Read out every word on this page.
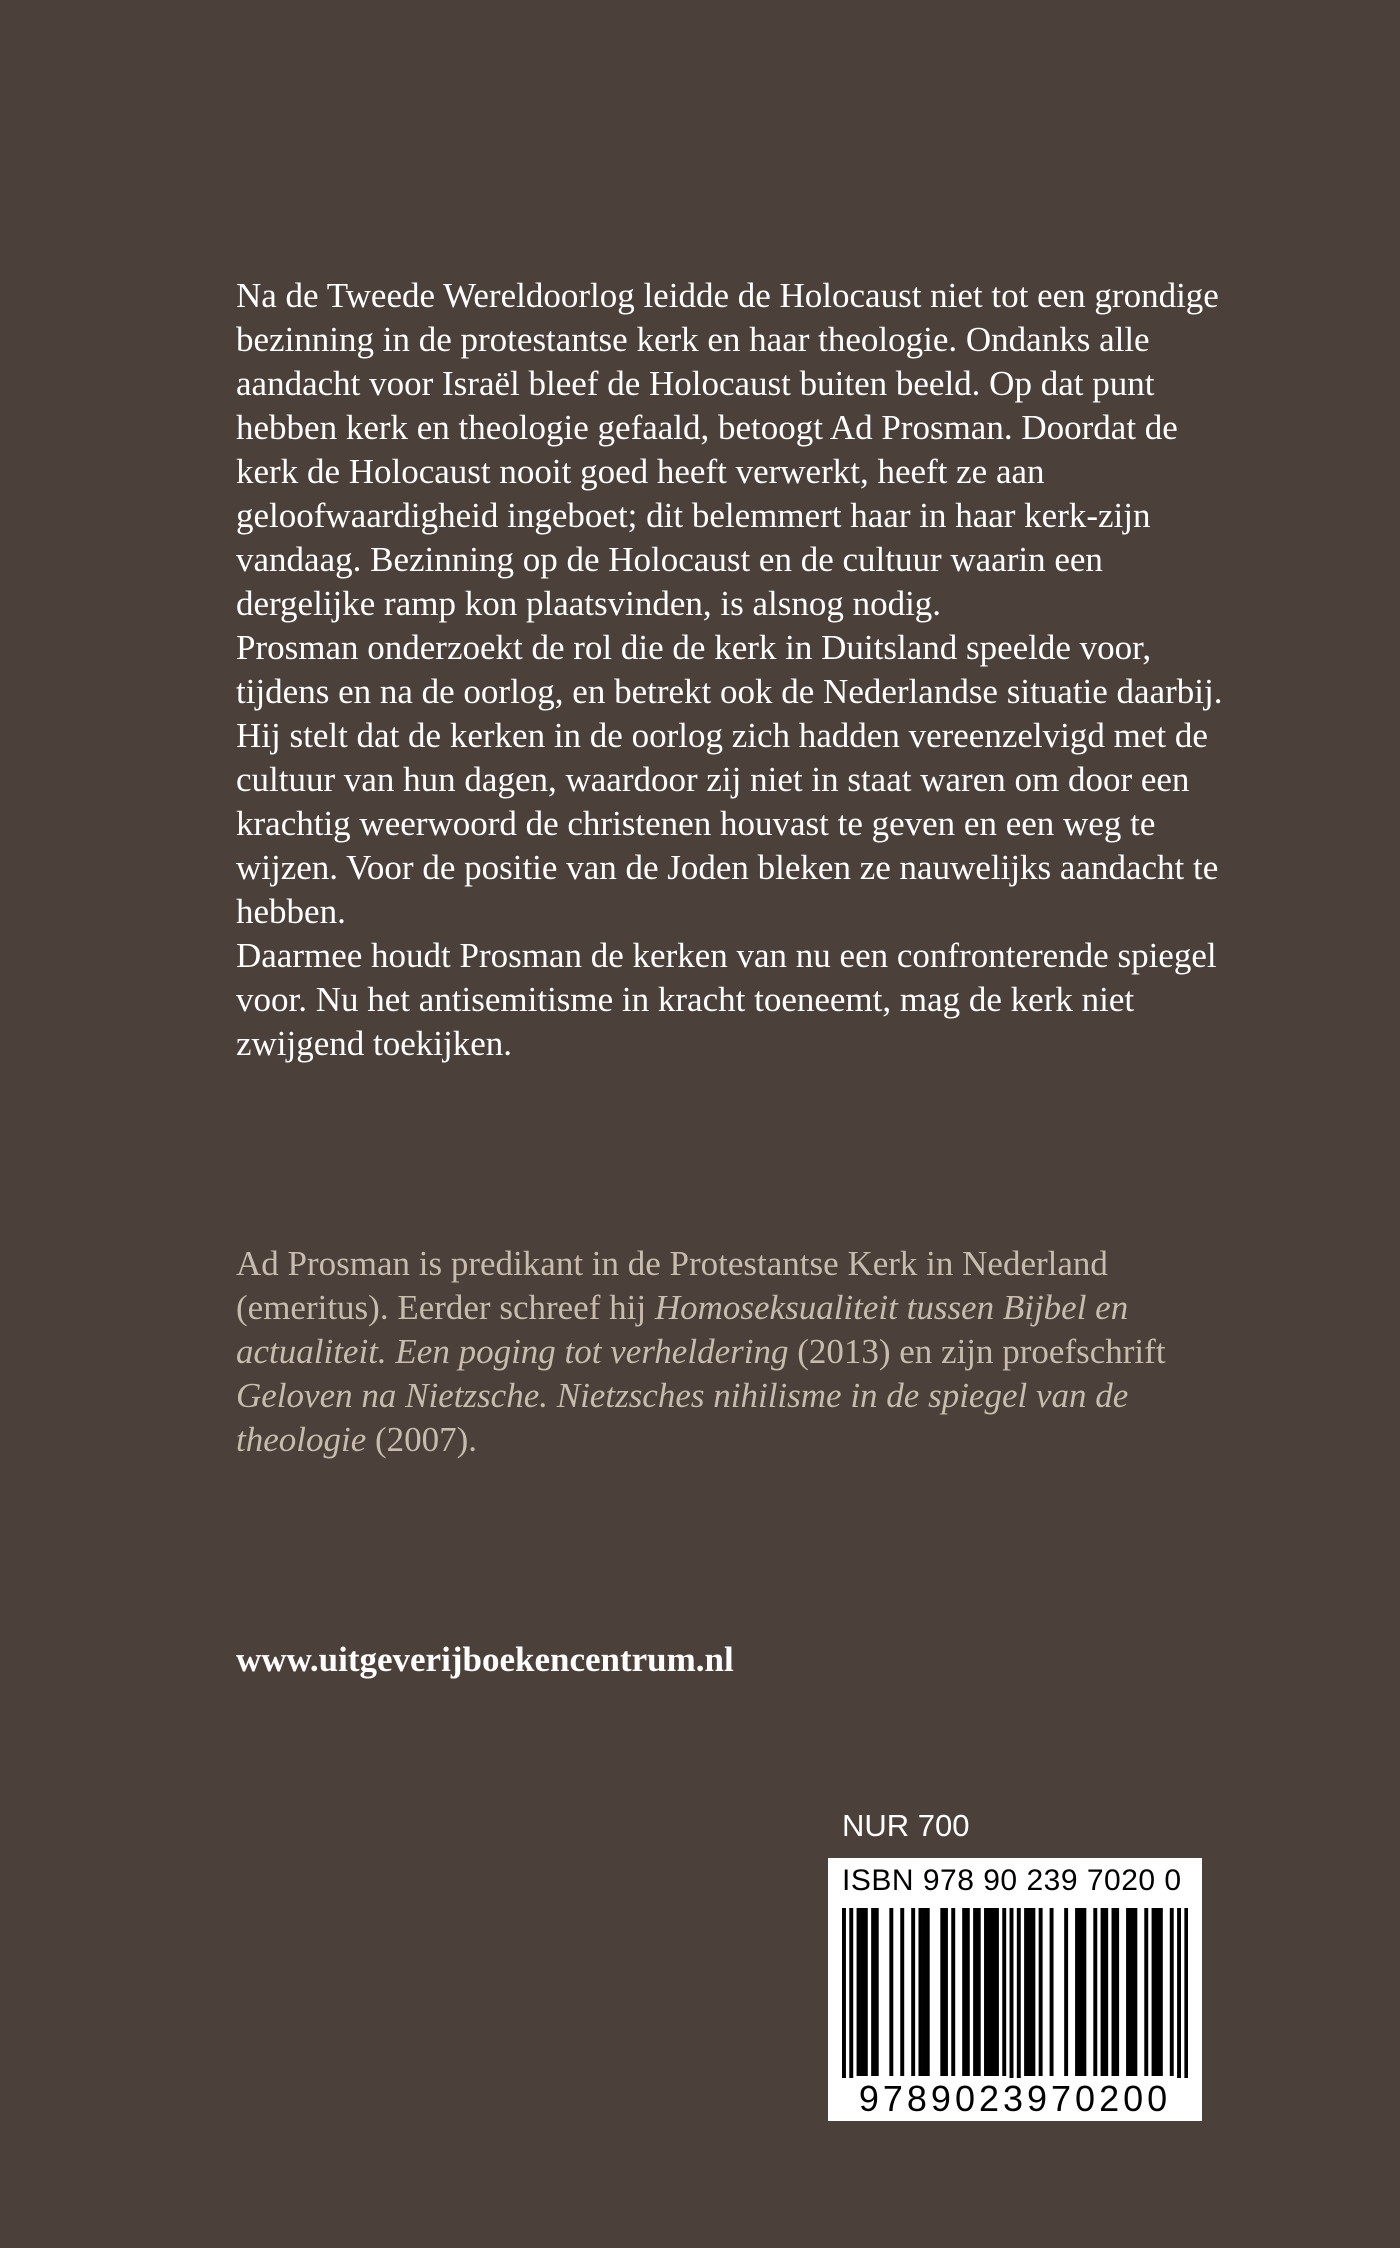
Na de Tweede Wereldoorlog leidde de Holocaust niet tot een grondige bezinning in de protestantse kerk en haar theologie. Ondanks alle aandacht voor Israël bleef de Holocaust buiten beeld. Op dat punt hebben kerk en theologie gefaald, betoogt Ad Prosman. Doordat de kerk de Holocaust nooit goed heeft verwerkt, heeft ze aan geloofwaardigheid ingeboet; dit belemmert haar in haar kerk-zijn vandaag. Bezinning op de Holocaust en de cultuur waarin een dergelijke ramp kon plaatsvinden, is alsnog nodig.

Prosman onderzoekt de rol die de kerk in Duitsland speelde voor, tijdens en na de oorlog, en betrekt ook de Nederlandse situatie daarbij. Hij stelt dat de kerken in de oorlog zich hadden vereenzelvigd met de cultuur van hun dagen, waardoor zij niet in staat waren om door een krachtig weerwoord de christenen houvast te geven en een weg te wijzen. Voor de positie van de Joden bleken ze nauwelijks aandacht te hebben.

Daarmee houdt Prosman de kerken van nu een confronterende spiegel voor. Nu het antisemitisme in kracht toeneemt, mag de kerk niet zwijgend toekijken.

Ad Prosman is predikant in de Protestantse Kerk in Nederland (emeritus). Eerder schreef hij Homoseksualiteit tussen Bijbel en actualiteit. Een poging tot verheldering (2013) en zijn proefschrift Geloven na Nietzsche. Nietzsches nihilisme in de spiegel van de theologie (2007).

www.uitgeverijboekencentrum.nl
NUR 700
ISBN 978 90 239 7020 0
9789023970200
